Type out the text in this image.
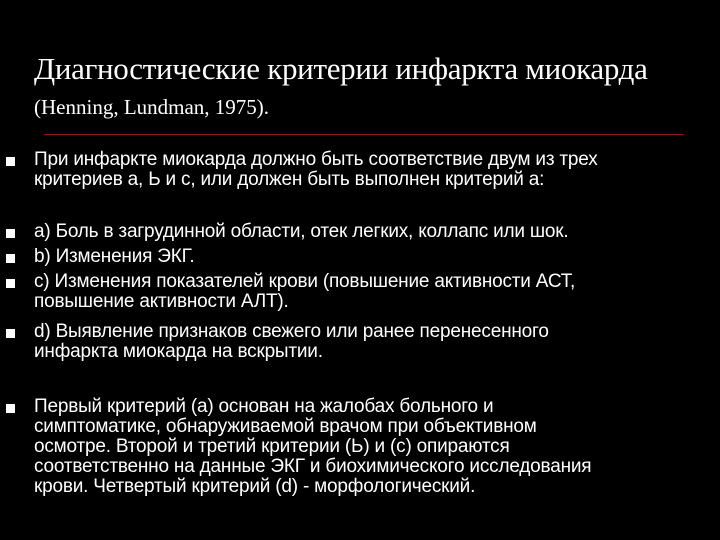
Диагностические критерии инфаркта миокарда
(Henning, Lundman, 1975).
При инфаркте миокарда должно быть соответствие двум из трех
критериев а, Ь и с, или должен быть выполнен критерий а:
а) Боль в загрудинной области, отек легких, коллапс или шок.
b) Изменения ЭКГ.
с) Изменения показателей крови (повышение активности АСТ,
повышение активности АЛТ).
d) Выявление признаков свежего или ранее перенесенного
инфаркта миокарда на вскрытии.
Первый критерий (а) основан на жалобах больного и
симптоматике, обнаруживаемой врачом при объективном
осмотре. Второй и третий критерии (Ь) и (с) опираются
соответственно на данные ЭКГ и биохимического исследования
крови. Четвертый критерий (d) - морфологический.
